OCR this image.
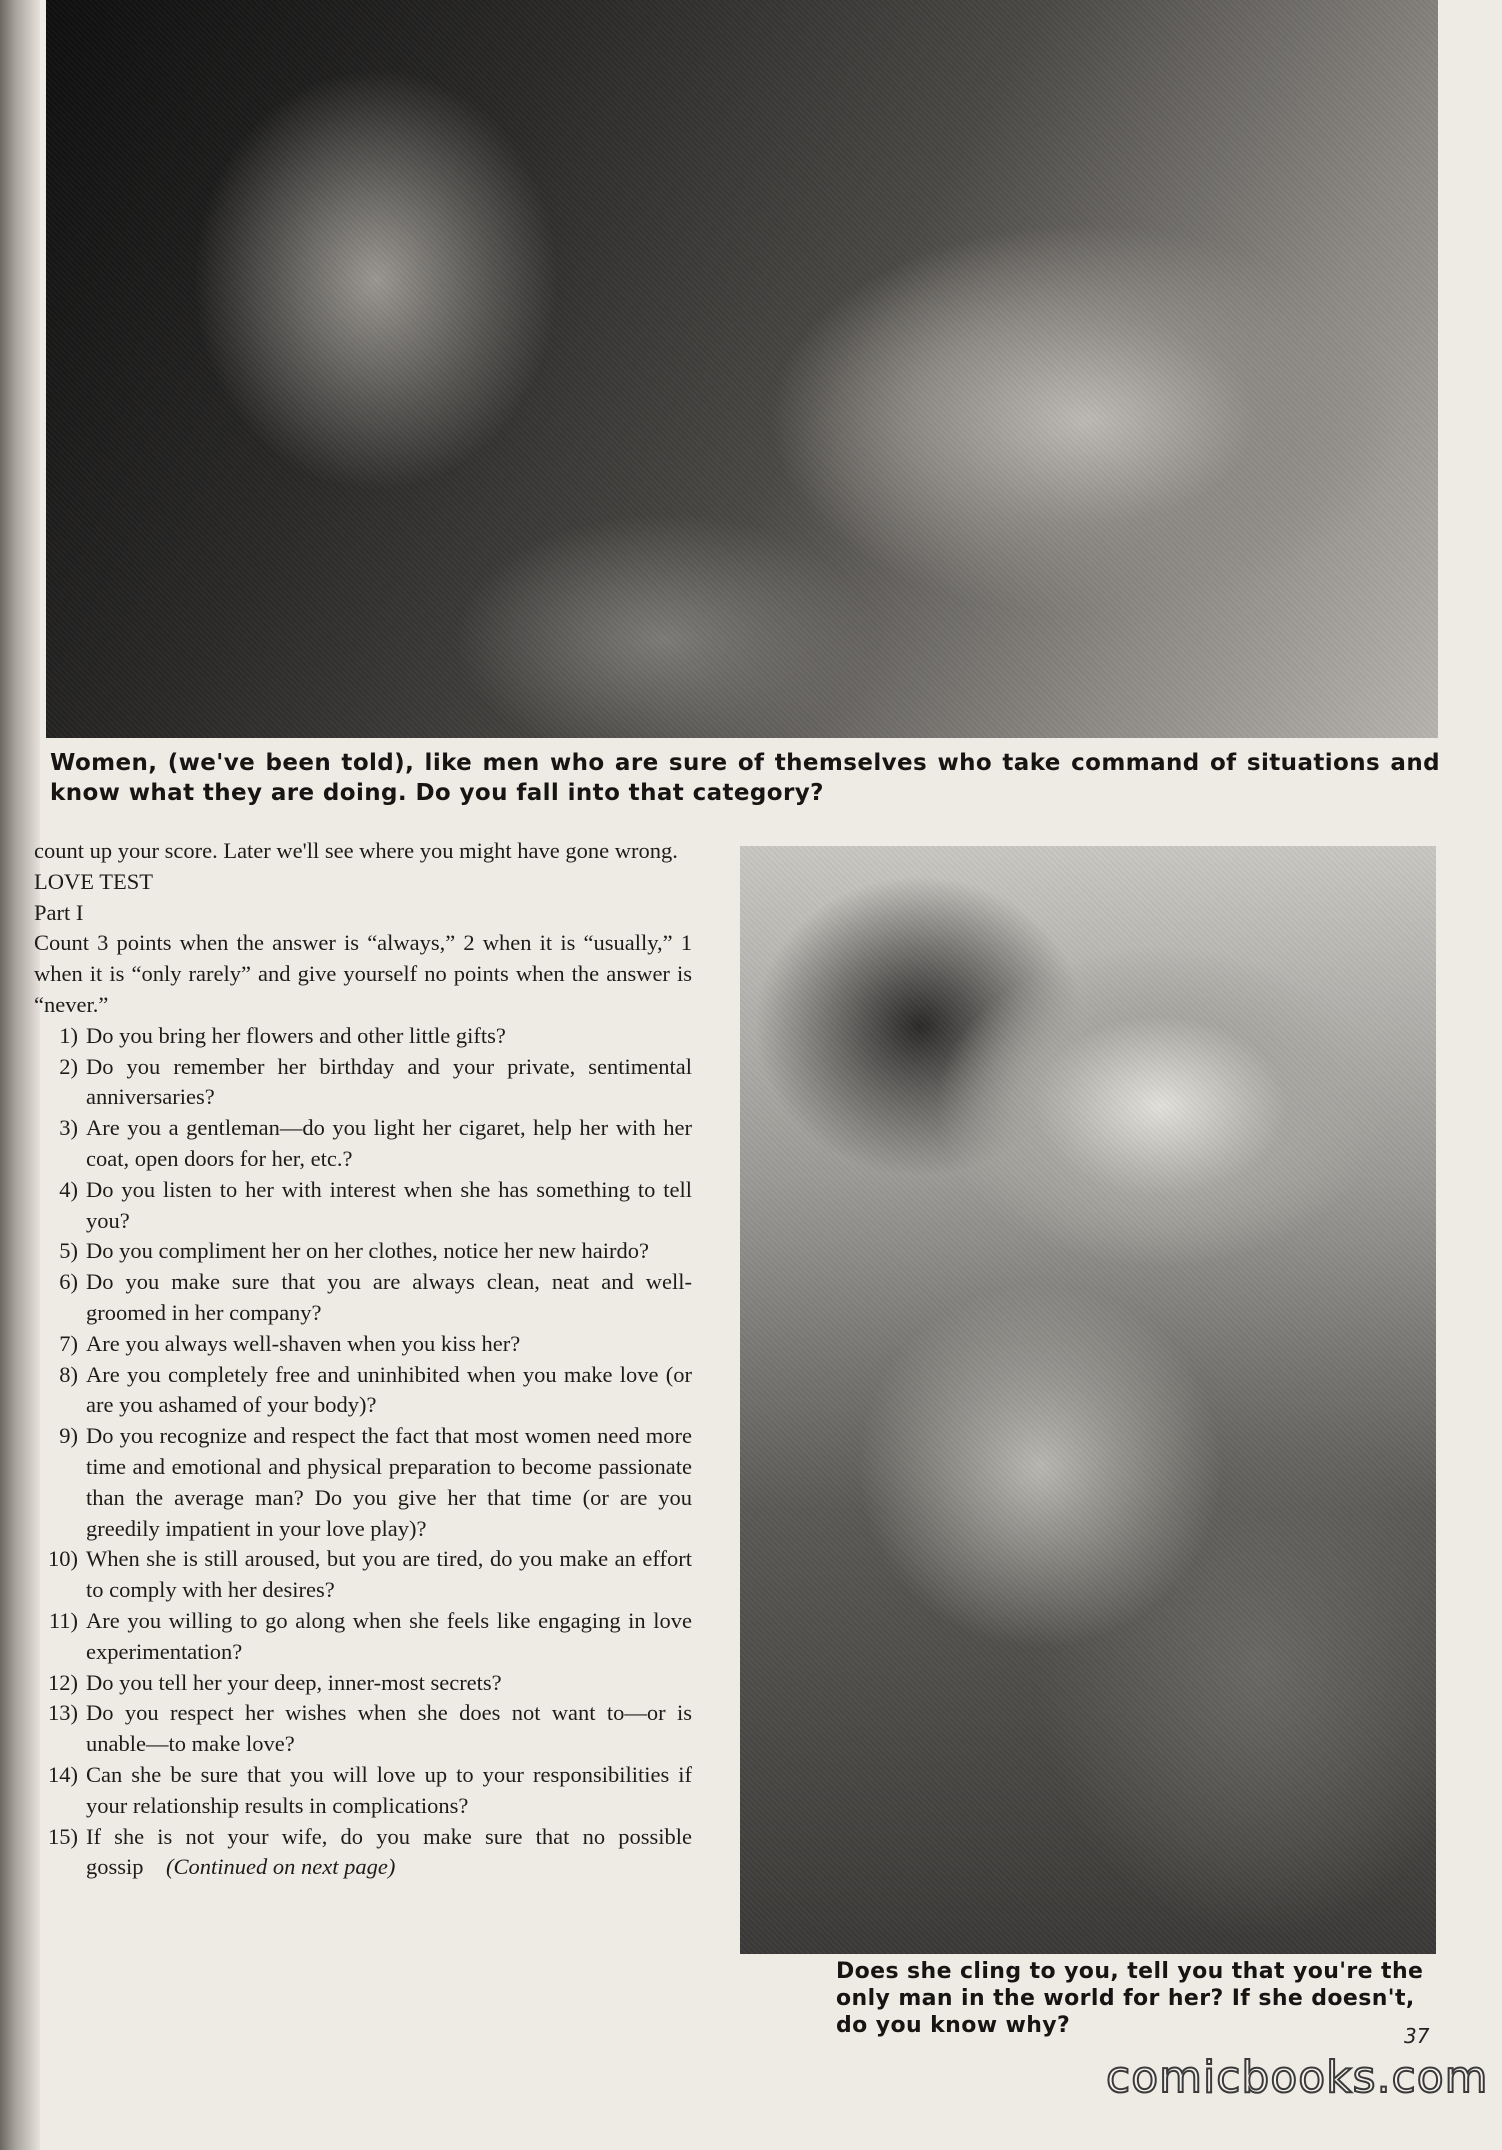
Women, (we've been told), like men who are sure of themselves who take command of situations and know what they are doing. Do you fall into that category?

count up your score. Later we'll see where you might have gone wrong.

LOVE TEST

Part I

Count 3 points when the answer is “always,” 2 when it is “usually,” 1 when it is “only rarely” and give yourself no points when the answer is “never.”

1) Do you bring her flowers and other little gifts?
2) Do you remember her birthday and your private, sentimental anniversaries?
3) Are you a gentleman—do you light her cigaret, help her with her coat, open doors for her, etc.?
4) Do you listen to her with interest when she has something to tell you?
5) Do you compliment her on her clothes, notice her new hairdo?
6) Do you make sure that you are always clean, neat and well-groomed in her company?
7) Are you always well-shaven when you kiss her?
8) Are you completely free and uninhibited when you make love (or are you ashamed of your body)?
9) Do you recognize and respect the fact that most women need more time and emotional and physical preparation to become passionate than the average man? Do you give her that time (or are you greedily impatient in your love play)?
10) When she is still aroused, but you are tired, do you make an effort to comply with her desires?
11) Are you willing to go along when she feels like engaging in love experimentation?
12) Do you tell her your deep, inner-most secrets?
13) Do you respect her wishes when she does not want to—or is unable—to make love?
14) Can she be sure that you will love up to your responsibilities if your relationship results in complications?
15) If she is not your wife, do you make sure that no possible gossip (Continued on next page)
Does she cling to you, tell you that you're the only man in the world for her? If she doesn't, do you know why?	37
comicbooks.com
